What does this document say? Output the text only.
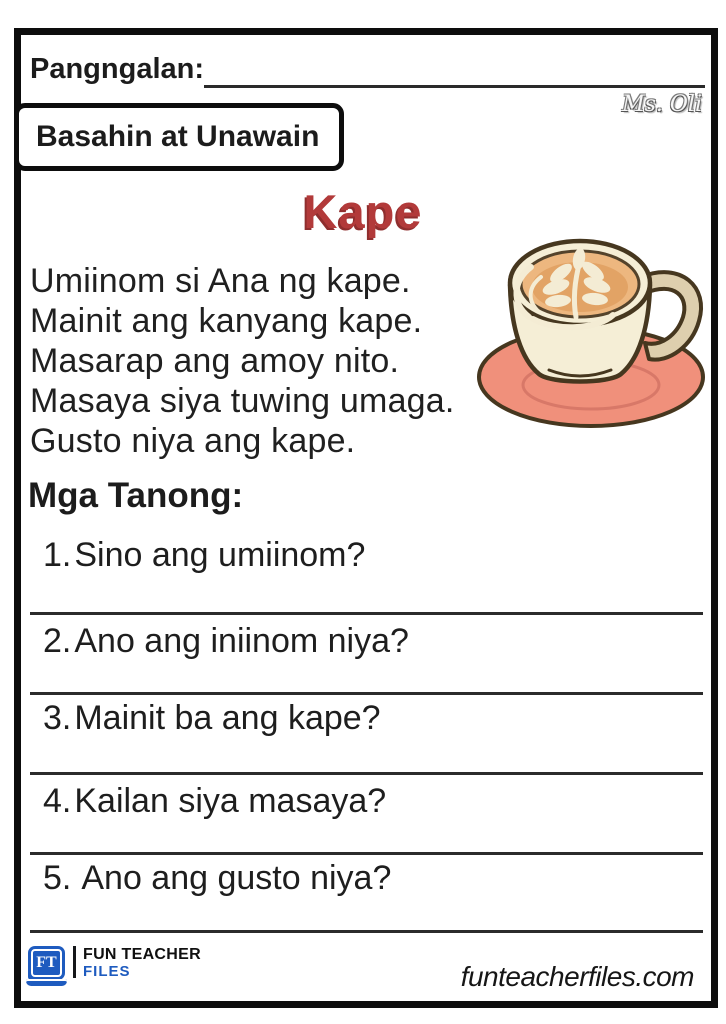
Pangngalan:
Ms. Oli
Basahin at Unawain
Kape
Umiinom si Ana ng kape.
Mainit ang kanyang kape.
Masarap ang amoy nito.
Masaya siya tuwing umaga.
Gusto niya ang kape.
Mga Tanong:
1.Sino ang umiinom?
2.Ano ang iniinom niya?
3.Mainit ba ang kape?
4.Kailan siya masaya?
5. Ano ang gusto niya?
FT FUN TEACHER
FILES	funteacherfiles.com
